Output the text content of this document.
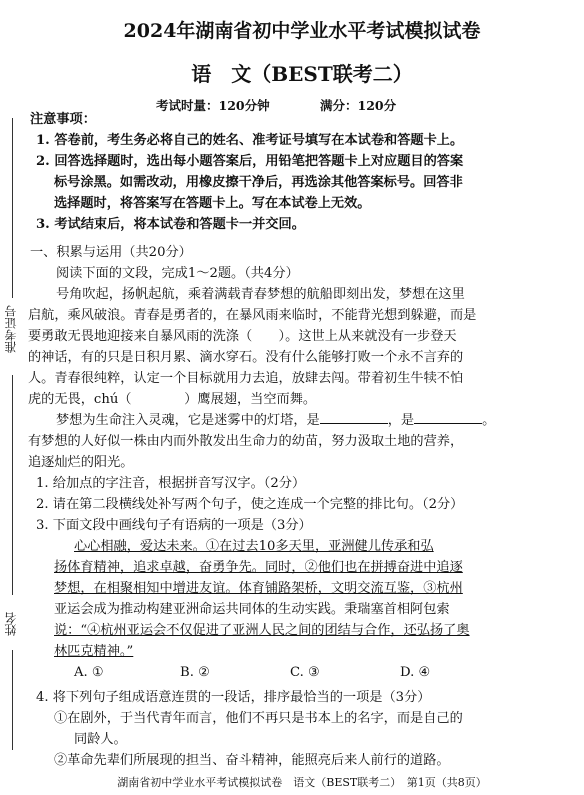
准考证号
姓名
2024年湖南省初中学业水平考试模拟试卷
语　文（BEST联考二）
考试时量：120分钟	满分：120分

注意事项：

1. 答卷前，考生务必将自己的姓名、准考证号填写在本试卷和答题卡上。

2. 回答选择题时，选出每小题答案后，用铅笔把答题卡上对应题目的答案

标号涂黑。如需改动，用橡皮擦干净后，再选涂其他答案标号。回答非

选择题时，将答案写在答题卡上。写在本试卷上无效。

3. 考试结束后，将本试卷和答题卡一并交回。

一、积累与运用（共20分）

阅读下面的文段，完成1～2题。（共4分）

号角吹起，扬帆起航，乘着满载青春梦想的航船即刻出发，梦想在这里

启航，乘风破浪。青春是勇者的，在暴风雨来临时，不能背光想到躲避，而是

要勇敢无畏地迎接来自暴风雨的洗涤（　　）。这世上从来就没有一步登天

的神话，有的只是日积月累、滴水穿石。没有什么能够打败一个永不言弃的

人。青春很纯粹，认定一个目标就用力去追，放肆去闯。带着初生牛犊不怕

虎的无畏，chú（　　　　）鹰展翅，当空而舞。

梦想为生命注入灵魂，它是迷雾中的灯塔，是	，是	。

有梦想的人好似一株由内而外散发出生命力的幼苗，努力汲取土地的营养，

追逐灿烂的阳光。

1. 给加点的字注音，根据拼音写汉字。（2分）

2. 请在第二段横线处补写两个句子，使之连成一个完整的排比句。（2分）

3. 下面文段中画线句子有语病的一项是（3分）

心心相融，爱达未来。①在过去10多天里，亚洲健儿传承和弘

扬体育精神，追求卓越，奋勇争先。同时，②他们也在拼搏奋进中追逐

梦想，在相聚相知中增进友谊。体育铺路架桥，文明交流互鉴，③杭州

亚运会成为推动构建亚洲命运共同体的生动实践。秉瑞塞首相阿包索

说：“④杭州亚运会不仅促进了亚洲人民之间的团结与合作，还弘扬了奥

林匹克精神。”

A. ①	B. ②	C. ③	D. ④

4. 将下列句子组成语意连贯的一段话，排序最恰当的一项是（3分）

①在剧外，于当代青年而言，他们不再只是书本上的名字，而是自己的

同龄人。

②革命先辈们所展现的担当、奋斗精神，能照亮后来人前行的道路。

湖南省初中学业水平考试模拟试卷　语文（BEST联考二）　第1页（共8页）
